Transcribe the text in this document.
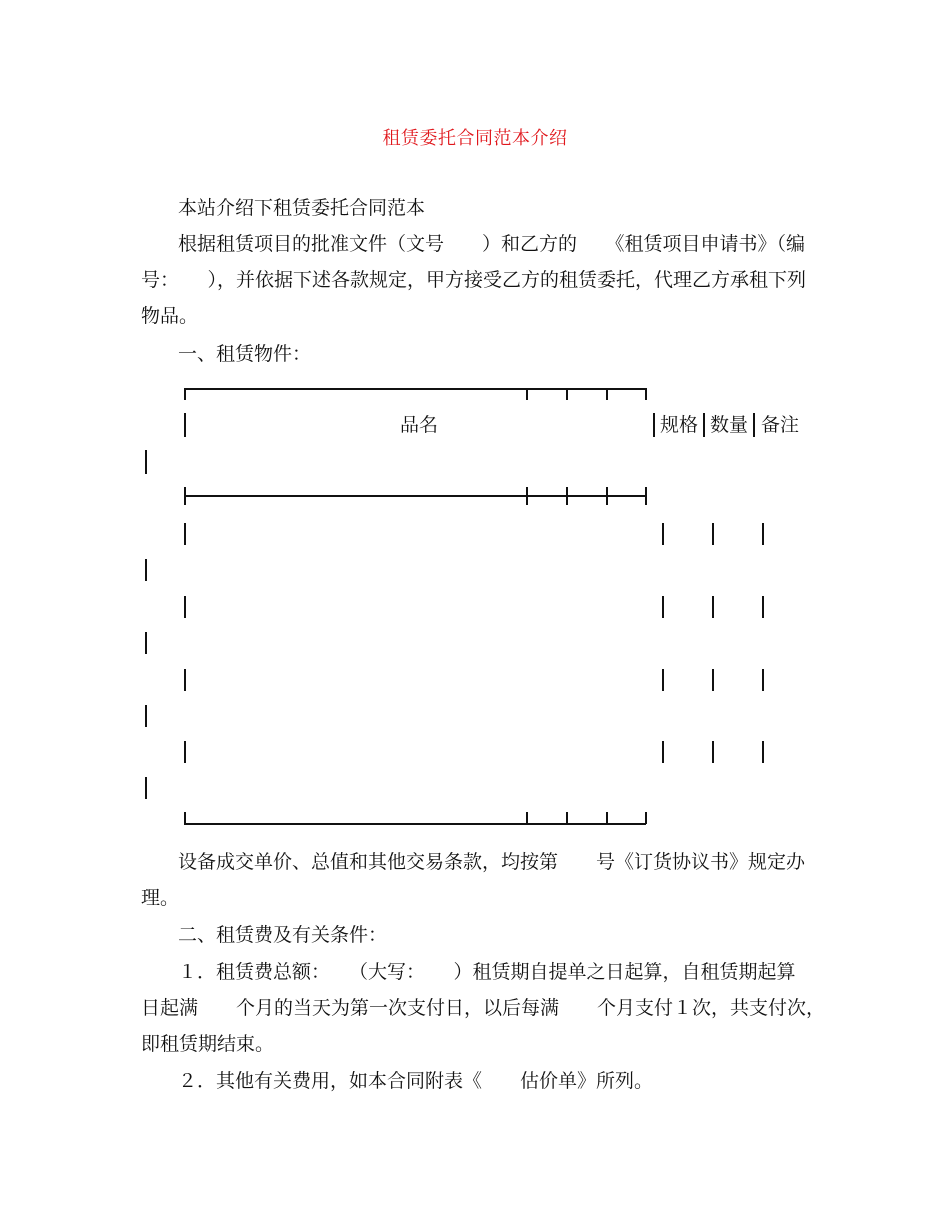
租赁委托合同范本介绍
本站介绍下租赁委托合同范本
根据租赁项目的批准文件（文号　　）和乙方的　　《租赁项目申请书》（编
号：　　），并依据下述各款规定，甲方接受乙方的租赁委托，代理乙方承租下列
物品。
一、租赁物件：
品名	规格 数量 备注
设备成交单价、总值和其他交易条款，均按第　　号《订货协议书》规定办
理。
二、租赁费及有关条件：
１．租赁费总额：　　（大写：　　）租赁期自提单之日起算，自租赁期起算
日起满　　个月的当天为第一次支付日，以后每满　　个月支付１次，共支付次，
即租赁期结束。
２．其他有关费用，如本合同附表《　　估价单》所列。
